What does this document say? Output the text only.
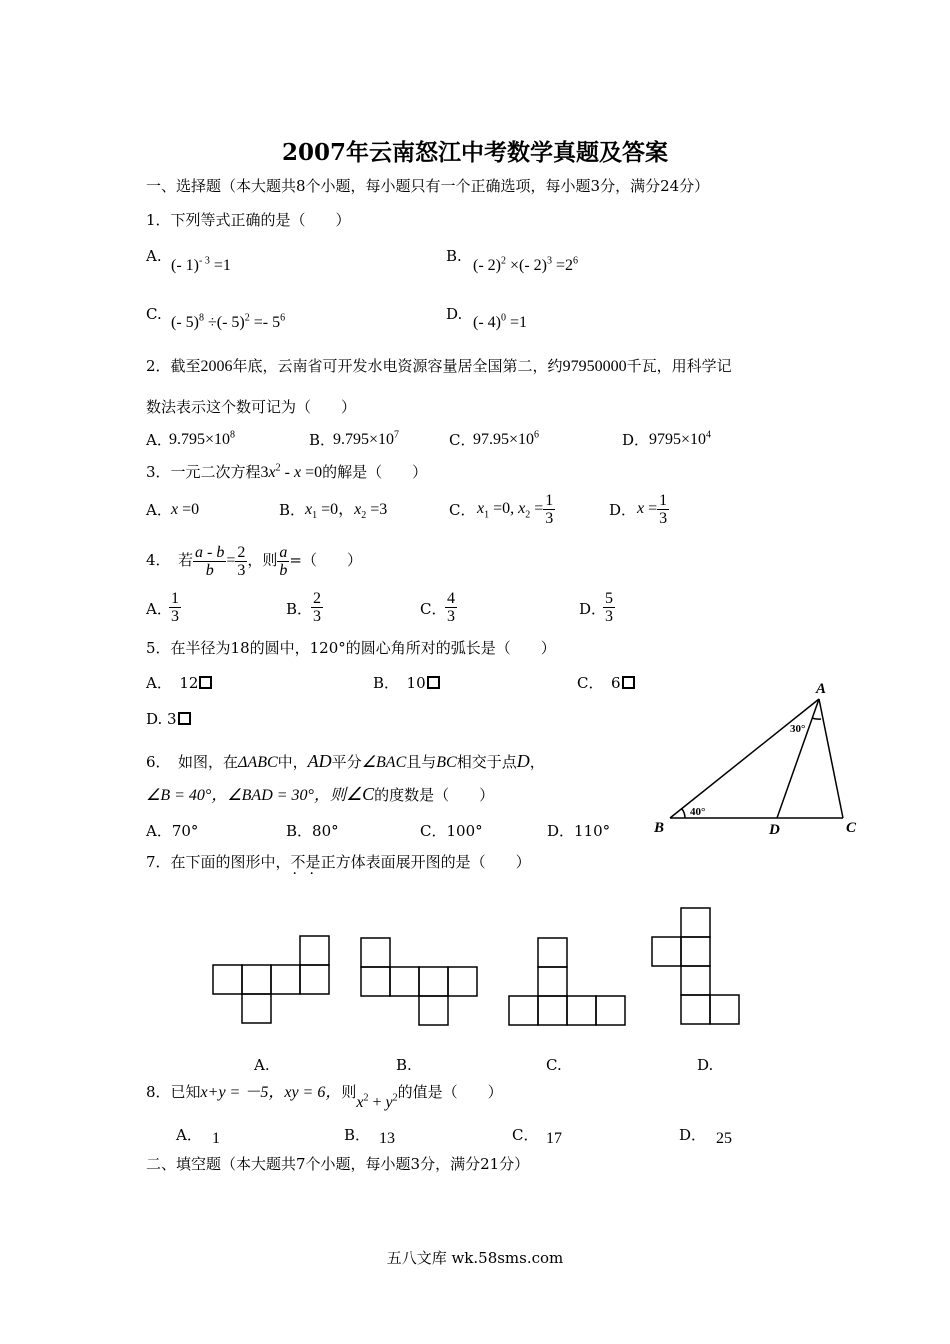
2007年云南怒江中考数学真题及答案
一、选择题（本大题共8个小题，每小题只有一个正确选项，每小题3分，满分24分）
1．下列等式正确的是（　　）
A.
(- 1)$^{- 3}$ =1
B.
(- 2)$^2$ ×(- $2)^3 =2^6$
C. (- 5)$^8$ ÷(- $5)^2 =- 5^6$	D. (- 4)$^0$ =1
2．截至2006年底，云南省可开发水电资源容量居全国第二，约97950000千瓦，用科学记
数法表示这个数可记为（　　）
A．
$9.795\times 10^8$	B．
$9.795\times 10^7$	C．
$97.95\times 10^6$	D． $9795\times 10^4$
3．一元二次方程$3x^2 - x =0$的解是（　　）
A． x =0	B． $x_1 =0$，$x_2 =3$	C． $x_1 =0$, $x_2 = \frac{1}{3}$	D． $x = \frac{1}{3}$
4．　若 $\frac{a - b}{b} = \frac{2}{3}$ ，则 $\frac{a}{b}$ =（　　）
A．
$\frac{1}{3}$	B．
$\frac{2}{3}$	C．
$\frac{4}{3}$	D．
$\frac{5}{3}$
5．在半径为18的圆中，120°的圆心角所对的弧长是（　　）
A．　12	B．　10	C．　6
D. 3
6．　如图，在ΔABC中，AD平分∠BAC且与BC相交于点D，
∠B = 40°，∠BAD = 30°，则∠C的度数是（　　）
A．70°	B．80°	C．100°	D．110°
A
B	C
D
30°
40°
7．在下面的图形中，不是 · ·正方体表面展开图的是（　　）
A.	B.	C.	D.
8．已知x+y = －5，xy = 6，则$x^2 + y^2$的值是（　　）
A． 1	B． 13	C． 17	D． 25
二、填空题（本大题共7个小题，每小题3分，满分21分）
五八文库 wk.58sms.com
